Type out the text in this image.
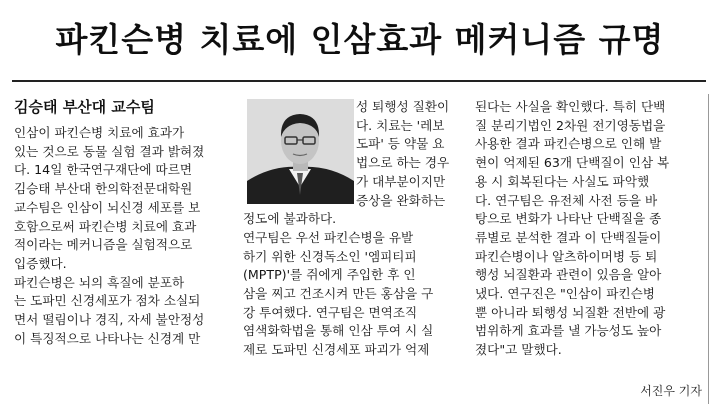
파킨슨병 치료에 인삼효과 메커니즘 규명
김승태 부산대 교수팀

인삼이 파킨슨병 치료에 효과가

있는 것으로 동물 실험 결과 밝혀졌

다. 14일 한국연구재단에 따르면

김승태 부산대 한의학전문대학원

교수팀은 인삼이 뇌신경 세포를 보

호함으로써 파킨슨병 치료에 효과

적이라는 메커니즘을 실험적으로

입증했다.

파킨슨병은 뇌의 흑질에 분포하

는 도파민 신경세포가 점차 소실되

면서 떨림이나 경직, 자세 불안정성

이 특징적으로 나타나는 신경계 만

성 퇴행성 질환이

다. 치료는 '레보

도파' 등 약물 요

법으로 하는 경우

가 대부분이지만

증상을 완화하는

정도에 불과하다.

연구팀은 우선 파킨슨병을 유발

하기 위한 신경독소인 '엠피티피

(MPTP)'를 쥐에게 주입한 후 인

삼을 찌고 건조시켜 만든 홍삼을 구

강 투여했다. 연구팀은 면역조직

염색화학법을 통해 인삼 투여 시 실

제로 도파민 신경세포 파괴가 억제

된다는 사실을 확인했다. 특히 단백

질 분리기법인 2차원 전기영동법을

사용한 결과 파킨슨병으로 인해 발

현이 억제된 63개 단백질이 인삼 복

용 시 회복된다는 사실도 파악했

다. 연구팀은 유전체 사전 등을 바

탕으로 변화가 나타난 단백질을 종

류별로 분석한 결과 이 단백질들이

파킨슨병이나 알츠하이머병 등 퇴

행성 뇌질환과 관련이 있음을 알아

냈다. 연구진은 "인삼이 파킨슨병

뿐 아니라 퇴행성 뇌질환 전반에 광

범위하게 효과를 낼 가능성도 높아

졌다"고 말했다.

서진우 기자
